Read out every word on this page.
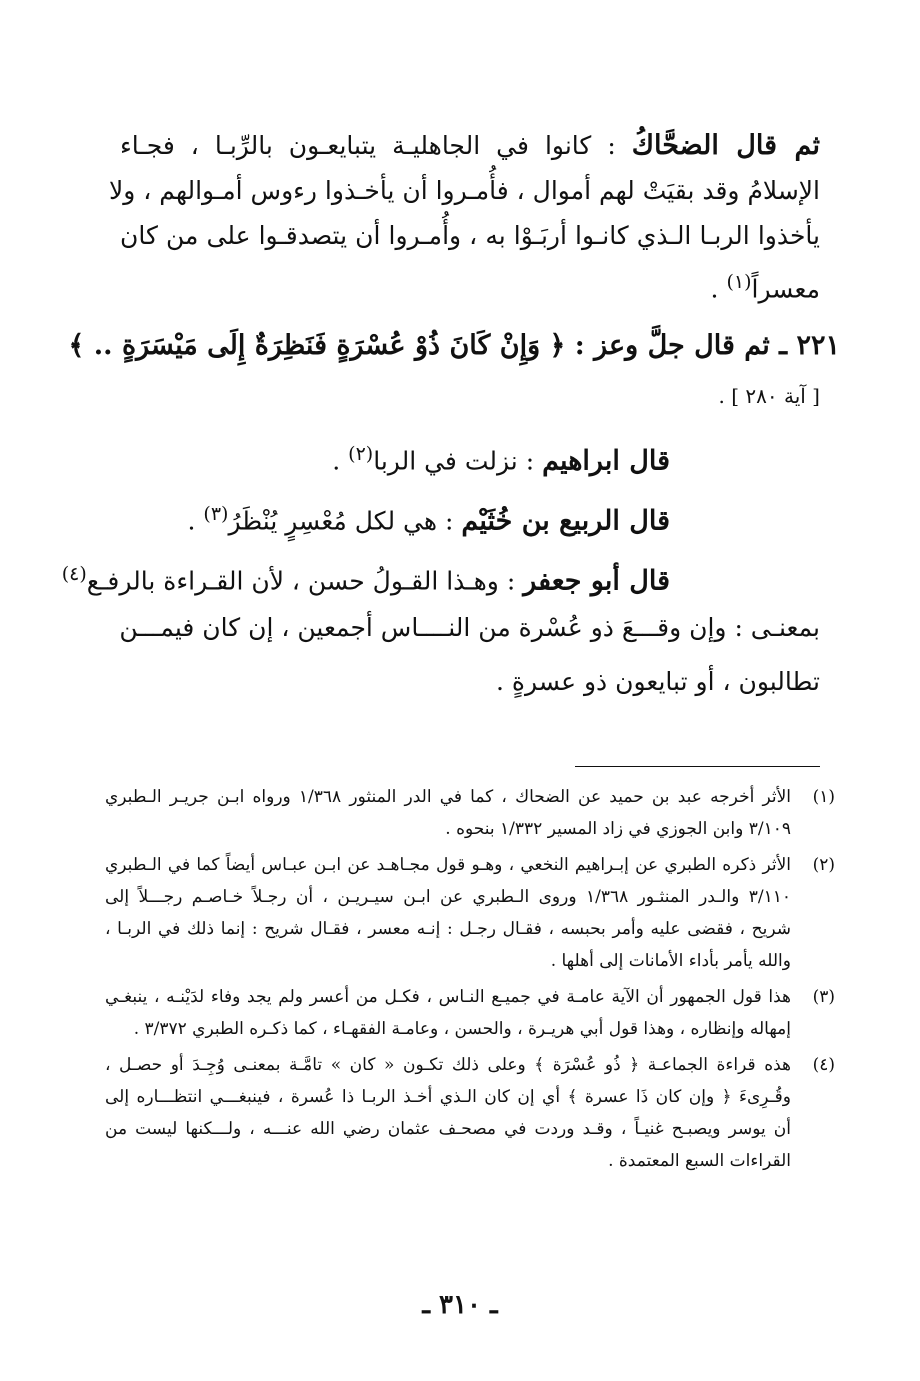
ثم قال الضحَّاكُ : كانوا في الجاهليـة يتبايعـون بالرِّبـا ، فجـاء
الإسلامُ وقد بقيَتْ لهم أموال ، فأُمـروا أن يأخـذوا رءوس أمـوالهم ، ولا
يأخذوا الربـا الـذي كانـوا أربَـوْا به ، وأُمـروا أن يتصدقـوا على من كان
معسراً$^{(١)}$ .
٢٢١ ـ ثم قال جلَّ وعز : ﴿ وَإِنْ كَانَ ذُوْ عُسْرَةٍ فَنَظِرَةٌ إِلَى مَيْسَرَةٍ .. ﴾
[ آية ٢٨٠ ] .
قال ابراهيم : نزلت في الربا$^{(٢)}$ .
قال الربيع بن خُثَيْم : هي لكل مُعْسِرٍ يُنْظَرُ$^{(٣)}$ .
قال أبو جعفر : وهـذا القـولُ حسن ، لأن القـراءة بالرفـع$^{(٤)}$
بمعنـى : وإن وقـــعَ ذو عُسْرة من النــــاس أجمعين ، إن كان فيمـــن
تطالبون ، أو تبايعون ذو عسرةٍ .
(١)
الأثر أخرجه عبد بن حميد عن الضحاك ، كما في الدر المنثور ١/٣٦٨ ورواه ابـن جريـر الـطبري
٣/١٠٩ وابن الجوزي في زاد المسير ١/٣٣٢ بنحوه .
(٢)
الأثر ذكره الطبري عن إبـراهيم النخعي ، وهـو قول مجـاهـد عن ابـن عبـاس أيضاً كما في الـطبري
٣/١١٠ والـدر المنثـور ١/٣٦٨ وروى الـطبري عن ابـن سيـريـن ، أن رجـلاً خـاصـم رجـــلاً إلى
شريح ، فقضى عليه وأمر بحبسه ، فقـال رجـل : إنـه معسر ، فقـال شريح : إنما ذلك في الربـا ،
والله يأمر بأداء الأمانات إلى أهلها .
(٣)
هذا قول الجمهور أن الآية عامـة في جميـع النـاس ، فكـل من أعسر ولم يجد وفاء لدَيْنـه ، ينبغـي
إمهاله وإنظاره ، وهذا قول أبي هريـرة ، والحسن ، وعامـة الفقهـاء ، كما ذكـره الطبري ٣/٣٧٢ .
(٤)
هذه قراءة الجماعـة ﴿ ذُو عُسْرَة ﴾ وعلى ذلك تكـون « كان » تامَّـة بمعنـى وُجِـدَ أو حصـل ،
وقُـرِىءَ ﴿ وإن كان ذَا عسرة ﴾ أي إن كان الـذي أخـذ الربـا ذا عُسرة ، فينبغـــي انتظـــاره إلى
أن يوسر ويصبـح غنيـاً ، وقـد وردت في مصحـف عثمان رضي الله عنـــه ، ولـــكنها ليست من
القراءات السبع المعتمدة .
ـ ٣١٠ ـ
